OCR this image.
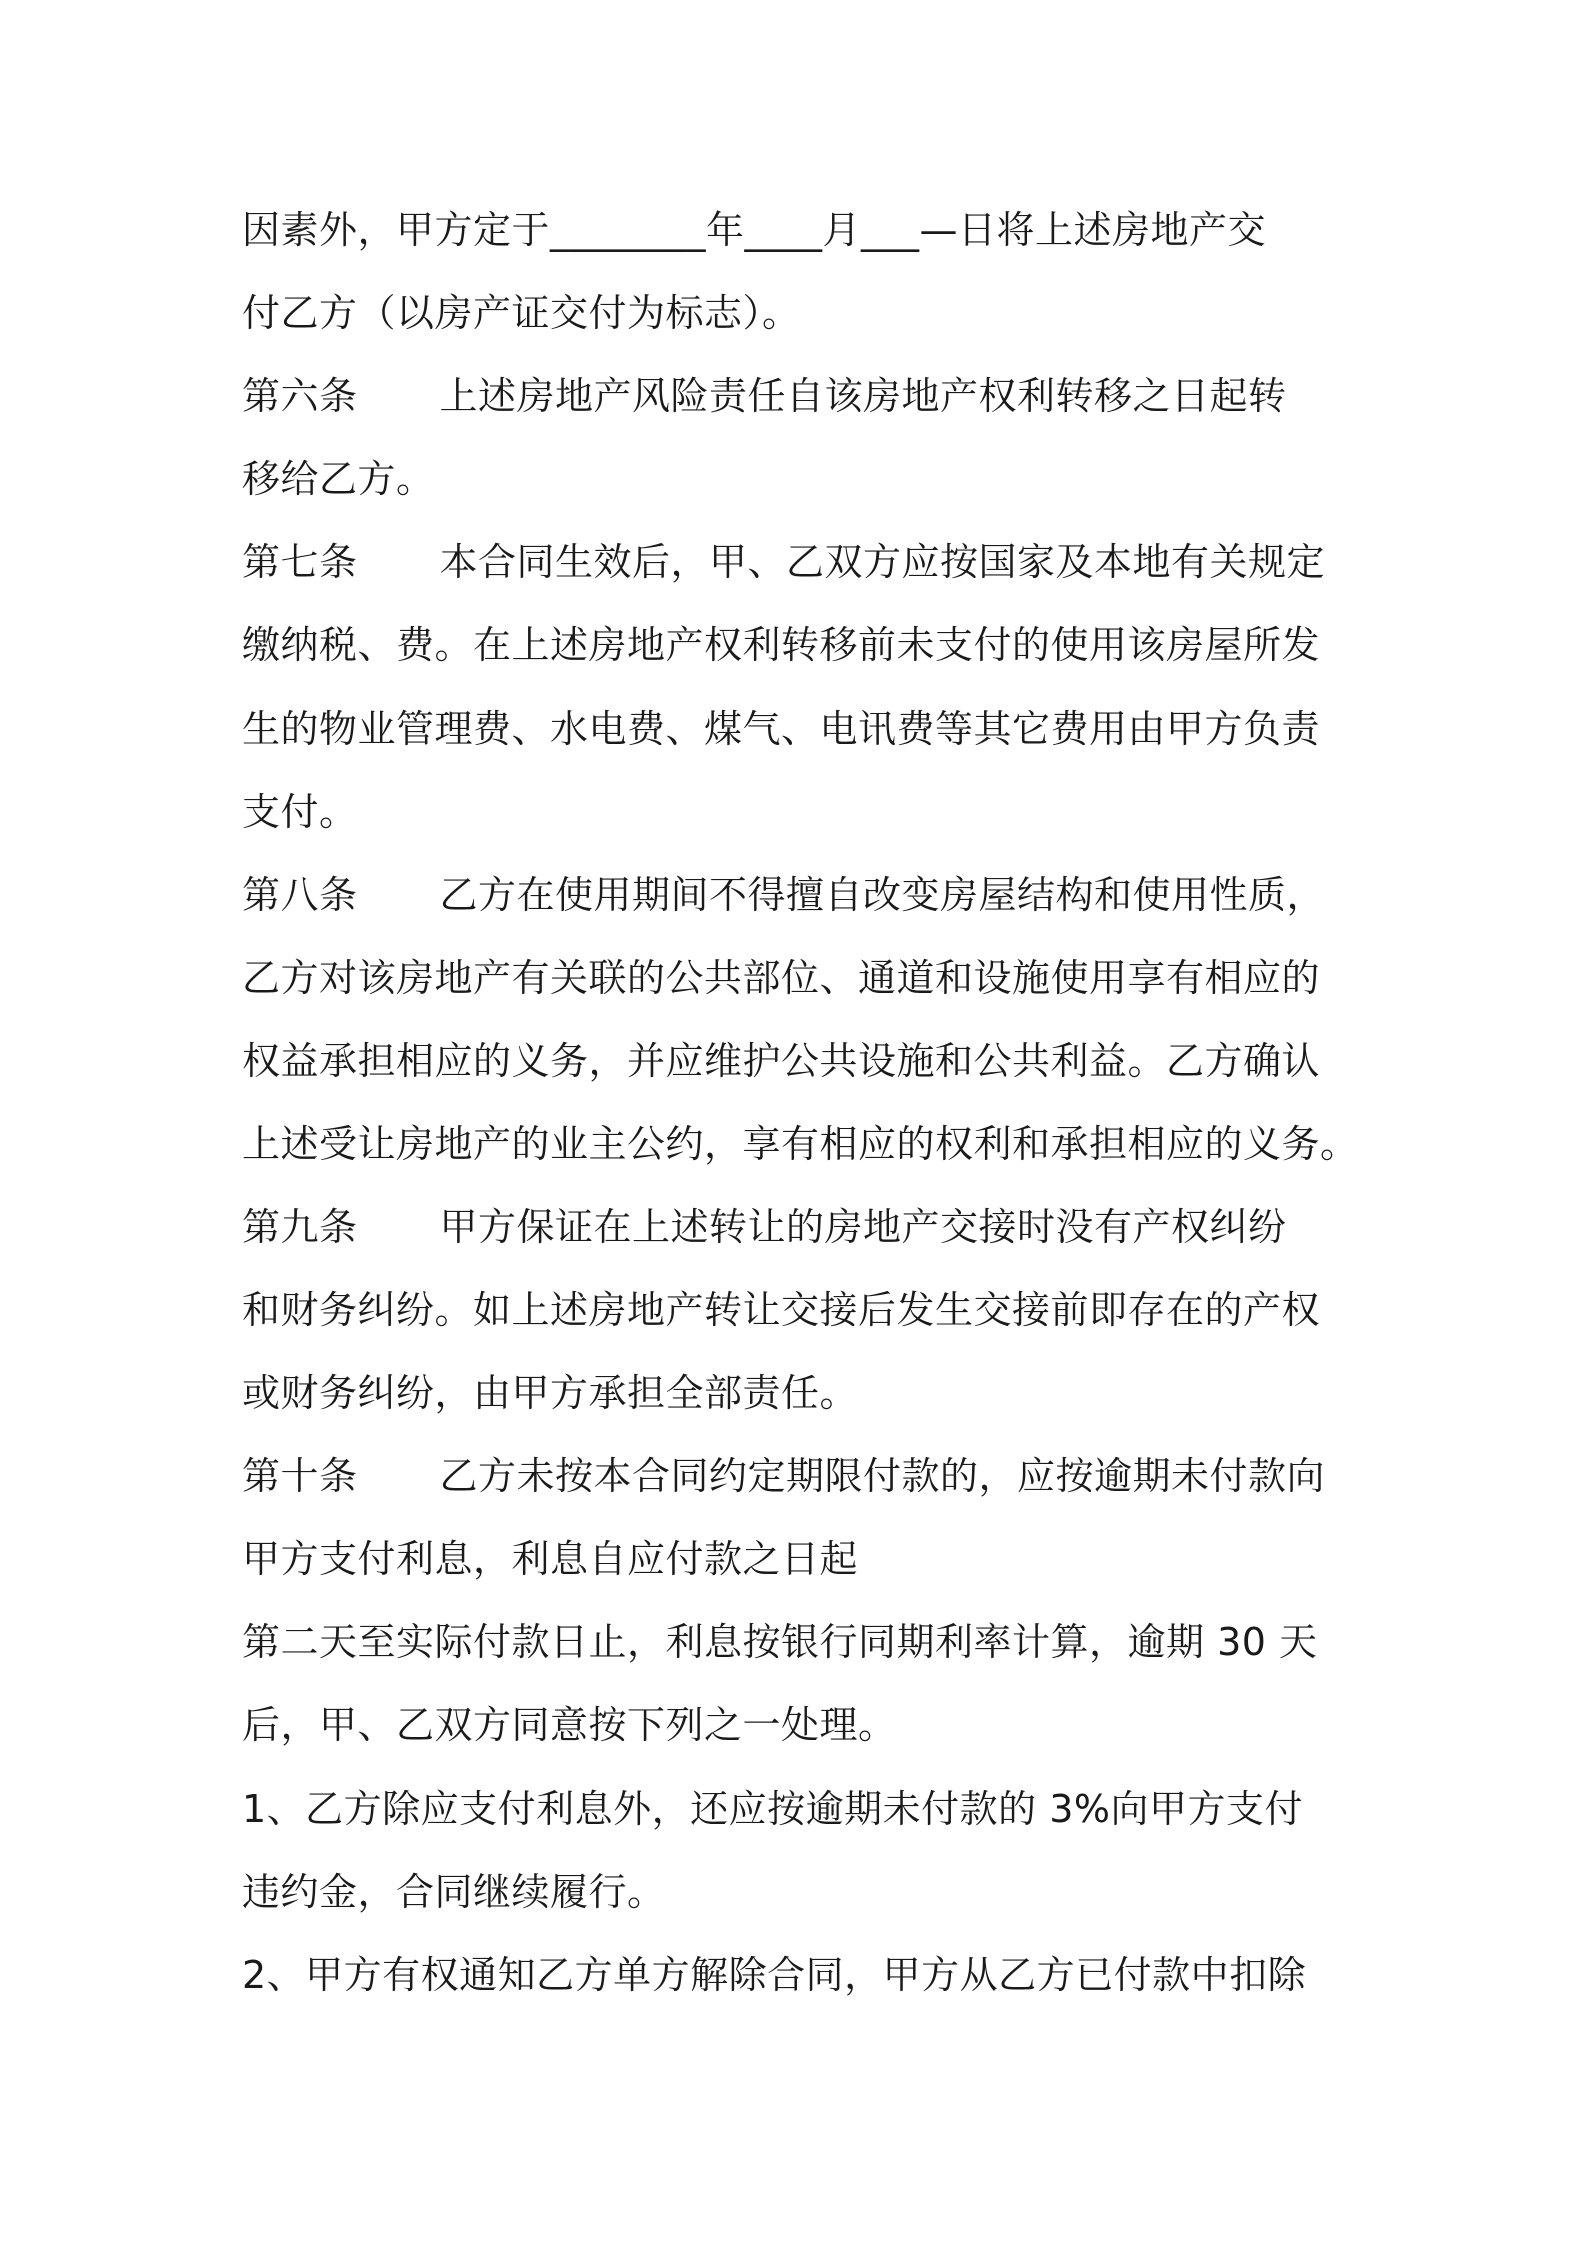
因素外，甲方定于________年____月___—日将上述房地产交
付乙方（以房产证交付为标志）。
第六条 上述房地产风险责任自该房地产权利转移之日起转
移给乙方。
第七条 本合同生效后，甲、乙双方应按国家及本地有关规定
缴纳税、费。在上述房地产权利转移前未支付的使用该房屋所发
生的物业管理费、水电费、煤气、电讯费等其它费用由甲方负责
支付。
第八条 乙方在使用期间不得擅自改变房屋结构和使用性质，
乙方对该房地产有关联的公共部位、通道和设施使用享有相应的
权益承担相应的义务，并应维护公共设施和公共利益。乙方确认
上述受让房地产的业主公约，享有相应的权利和承担相应的义务。
第九条 甲方保证在上述转让的房地产交接时没有产权纠纷
和财务纠纷。如上述房地产转让交接后发生交接前即存在的产权
或财务纠纷，由甲方承担全部责任。
第十条 乙方未按本合同约定期限付款的，应按逾期未付款向
甲方支付利息，利息自应付款之日起
第二天至实际付款日止，利息按银行同期利率计算，逾期 30 天
后，甲、乙双方同意按下列之一处理。
1、乙方除应支付利息外，还应按逾期未付款的 3%向甲方支付
违约金，合同继续履行。
2、甲方有权通知乙方单方解除合同，甲方从乙方已付款中扣除
